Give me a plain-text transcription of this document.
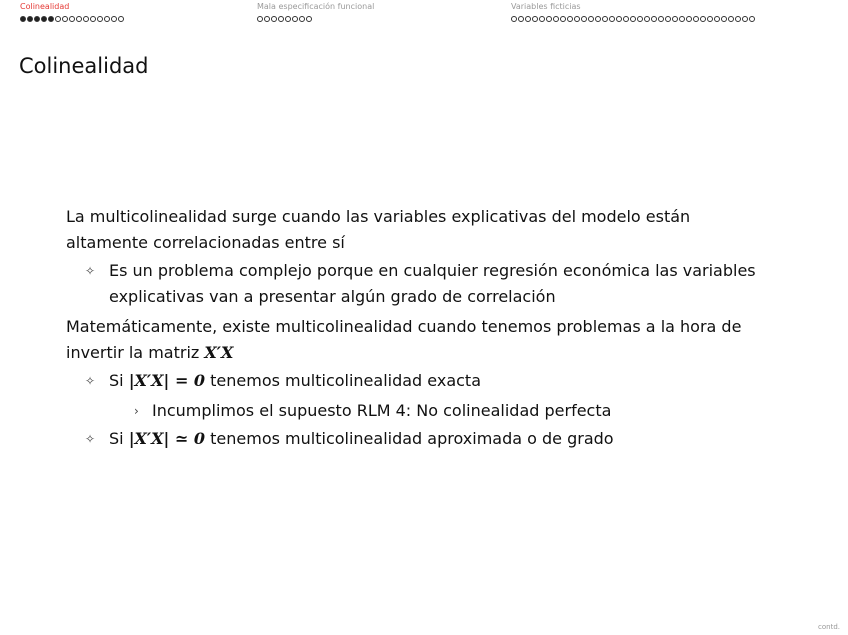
Colinealidad	Mala especificación funcional	Variables ficticias
Colinealidad

La multicolinealidad surge cuando las variables explicativas del modelo están altamente correlacionadas entre sí

✧ Es un problema complejo porque en cualquier regresión económica las variables explicativas van a presentar algún grado de correlación

Matemáticamente, existe multicolinealidad cuando tenemos problemas a la hora de invertir la matriz X′X

✧ Si |X′X| = 0 tenemos multicolinealidad exacta
› Incumplimos el supuesto RLM 4: No colinealidad perfecta
✧ Si |X′X| ≃ 0 tenemos multicolinealidad aproximada o de grado
contd.
